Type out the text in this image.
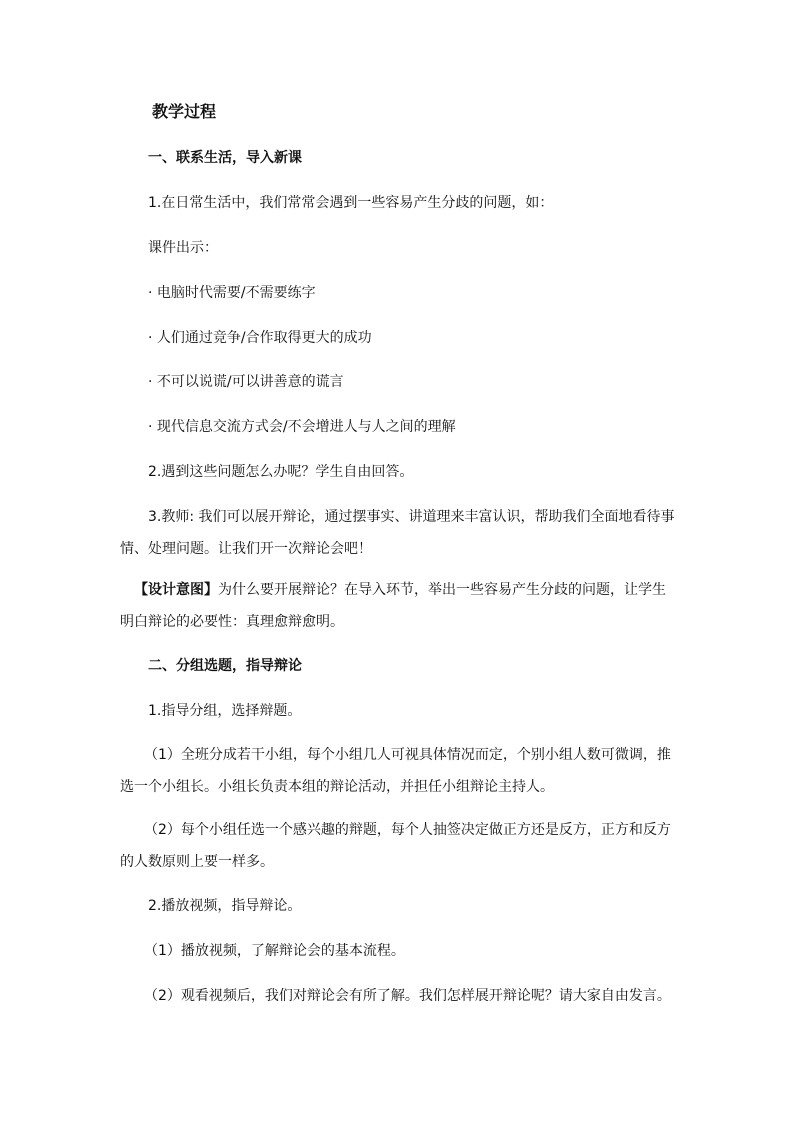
教学过程
一、联系生活，导入新课
1.在日常生活中，我们常常会遇到一些容易产生分歧的问题，如：
课件出示：
· 电脑时代需要/不需要练字
· 人们通过竞争/合作取得更大的成功
· 不可以说谎/可以讲善意的谎言
· 现代信息交流方式会/不会增进人与人之间的理解
2.遇到这些问题怎么办呢？学生自由回答。
3.教师: 我们可以展开辩论，通过摆事实、讲道理来丰富认识，帮助我们全面地看待事
情、处理问题。让我们开一次辩论会吧！
【设计意图】为什么要开展辩论？在导入环节，举出一些容易产生分歧的问题，让学生
明白辩论的必要性：真理愈辩愈明。
二、分组选题，指导辩论
1.指导分组，选择辩题。
（1）全班分成若干小组，每个小组几人可视具体情况而定，个别小组人数可微调，推
选一个小组长。小组长负责本组的辩论活动，并担任小组辩论主持人。
（2）每个小组任选一个感兴趣的辩题，每个人抽签决定做正方还是反方，正方和反方
的人数原则上要一样多。
2.播放视频，指导辩论。
（1）播放视频，了解辩论会的基本流程。
（2）观看视频后，我们对辩论会有所了解。我们怎样展开辩论呢？请大家自由发言。
